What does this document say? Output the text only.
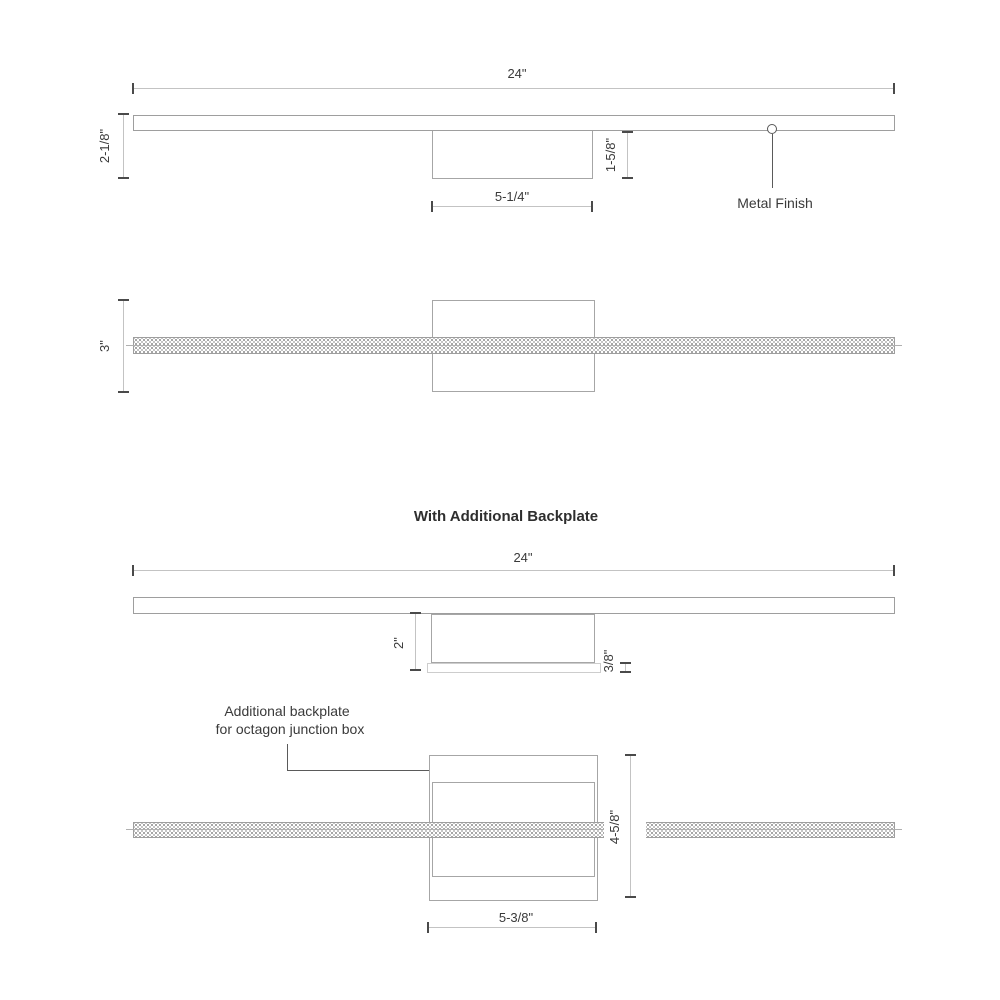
24"
2-1/8"	1-5/8"
5-1/4"	Metal Finish
3"
With Additional Backplate
24"
2"
3/8"
Additional backplate
for octagon junction box
4-5/8"
5-3/8"
